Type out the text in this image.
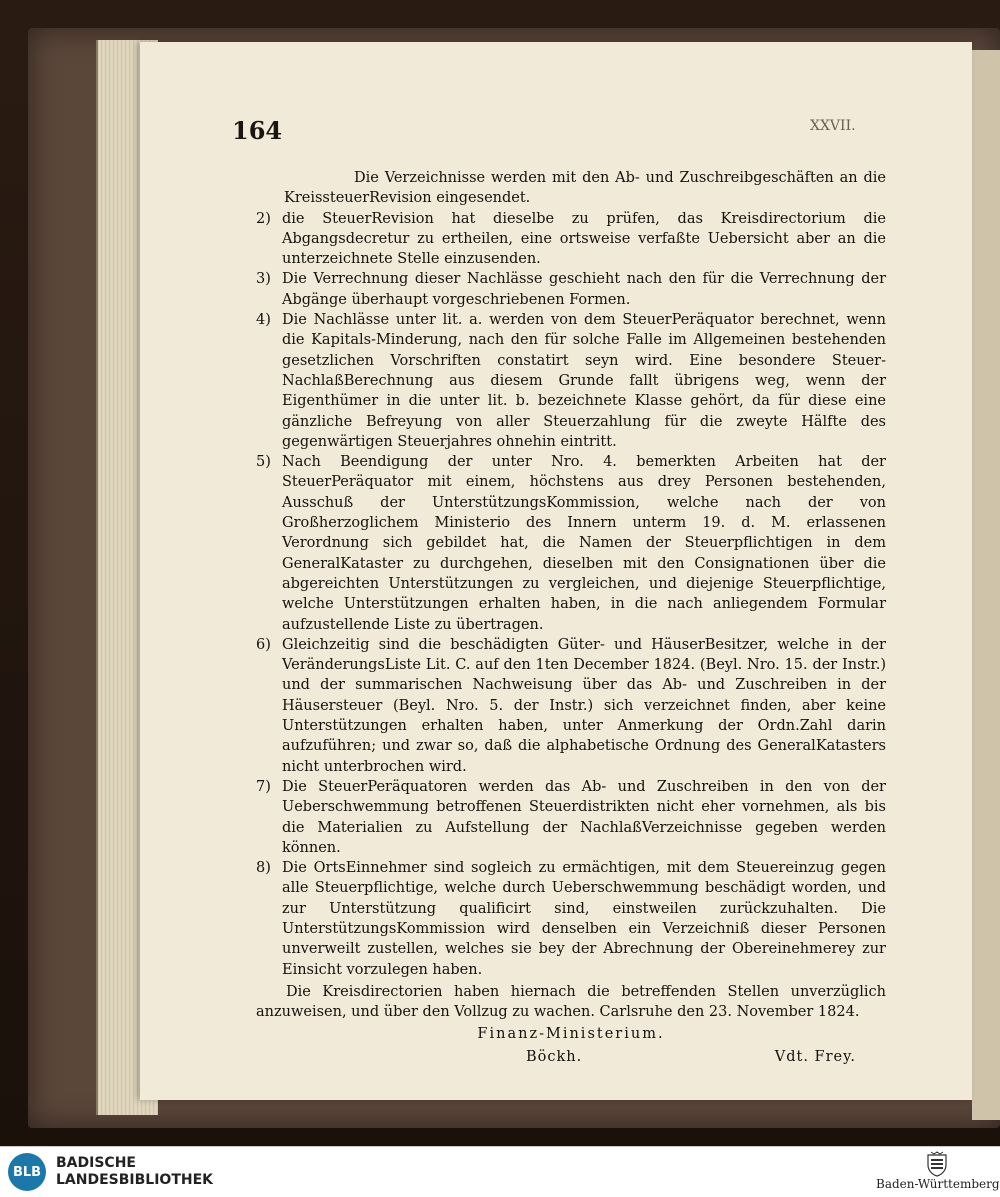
164	XXVII.

Die Verzeichnisse werden mit den Ab- und Zuschreibgeschäften an die KreissteuerRevision eingesendet.

2) die SteuerRevision hat dieselbe zu prüfen, das Kreisdirectorium die Abgangsdecretur zu ertheilen, eine ortsweise verfaßte Uebersicht aber an die unterzeichnete Stelle einzusenden.
3) Die Verrechnung dieser Nachlässe geschieht nach den für die Verrechnung der Abgänge überhaupt vorgeschriebenen Formen.
4) Die Nachlässe unter lit. a. werden von dem SteuerPeräquator berechnet, wenn die Kapitals-Minderung, nach den für solche Falle im Allgemeinen bestehenden gesetzlichen Vorschriften constatirt seyn wird. Eine besondere Steuer-NachlaßBerechnung aus diesem Grunde fallt übrigens weg, wenn der Eigenthümer in die unter lit. b. bezeichnete Klasse gehört, da für diese eine gänzliche Befreyung von aller Steuerzahlung für die zweyte Hälfte des gegenwärtigen Steuerjahres ohnehin eintritt.
5) Nach Beendigung der unter Nro. 4. bemerkten Arbeiten hat der SteuerPeräquator mit einem, höchstens aus drey Personen bestehenden, Ausschuß der UnterstützungsKommission, welche nach der von Großherzoglichem Ministerio des Innern unterm 19. d. M. erlassenen Verordnung sich gebildet hat, die Namen der Steuerpflichtigen in dem GeneralKataster zu durchgehen, dieselben mit den Consignationen über die abgereichten Unterstützungen zu vergleichen, und diejenige Steuerpflichtige, welche Unterstützungen erhalten haben, in die nach anliegendem Formular aufzustellende Liste zu übertragen.
6) Gleichzeitig sind die beschädigten Güter- und HäuserBesitzer, welche in der VeränderungsListe Lit. C. auf den 1ten December 1824. (Beyl. Nro. 15. der Instr.) und der summarischen Nachweisung über das Ab- und Zuschreiben in der Häusersteuer (Beyl. Nro. 5. der Instr.) sich verzeichnet finden, aber keine Unterstützungen erhalten haben, unter Anmerkung der Ordn.Zahl darin aufzuführen; und zwar so, daß die alphabetische Ordnung des GeneralKatasters nicht unterbrochen wird.
7) Die SteuerPeräquatoren werden das Ab- und Zuschreiben in den von der Ueberschwemmung betroffenen Steuerdistrikten nicht eher vornehmen, als bis die Materialien zu Aufstellung der NachlaßVerzeichnisse gegeben werden können.
8) Die OrtsEinnehmer sind sogleich zu ermächtigen, mit dem Steuereinzug gegen alle Steuerpflichtige, welche durch Ueberschwemmung beschädigt worden, und zur Unterstützung qualificirt sind, einstweilen zurückzuhalten. Die UnterstützungsKommission wird denselben ein Verzeichniß dieser Personen unverweilt zustellen, welches sie bey der Abrechnung der Obereinehmerey zur Einsicht vorzulegen haben.

Die Kreisdirectorien haben hiernach die betreffenden Stellen unverzüglich anzuweisen, und über den Vollzug zu wachen. Carlsruhe den 23. November 1824.

Finanz-Ministerium.
Böckh.	Vdt. Frey.
BLB
BADISCHE
LANDESBIBLIOTHEK	Baden-Württemberg
